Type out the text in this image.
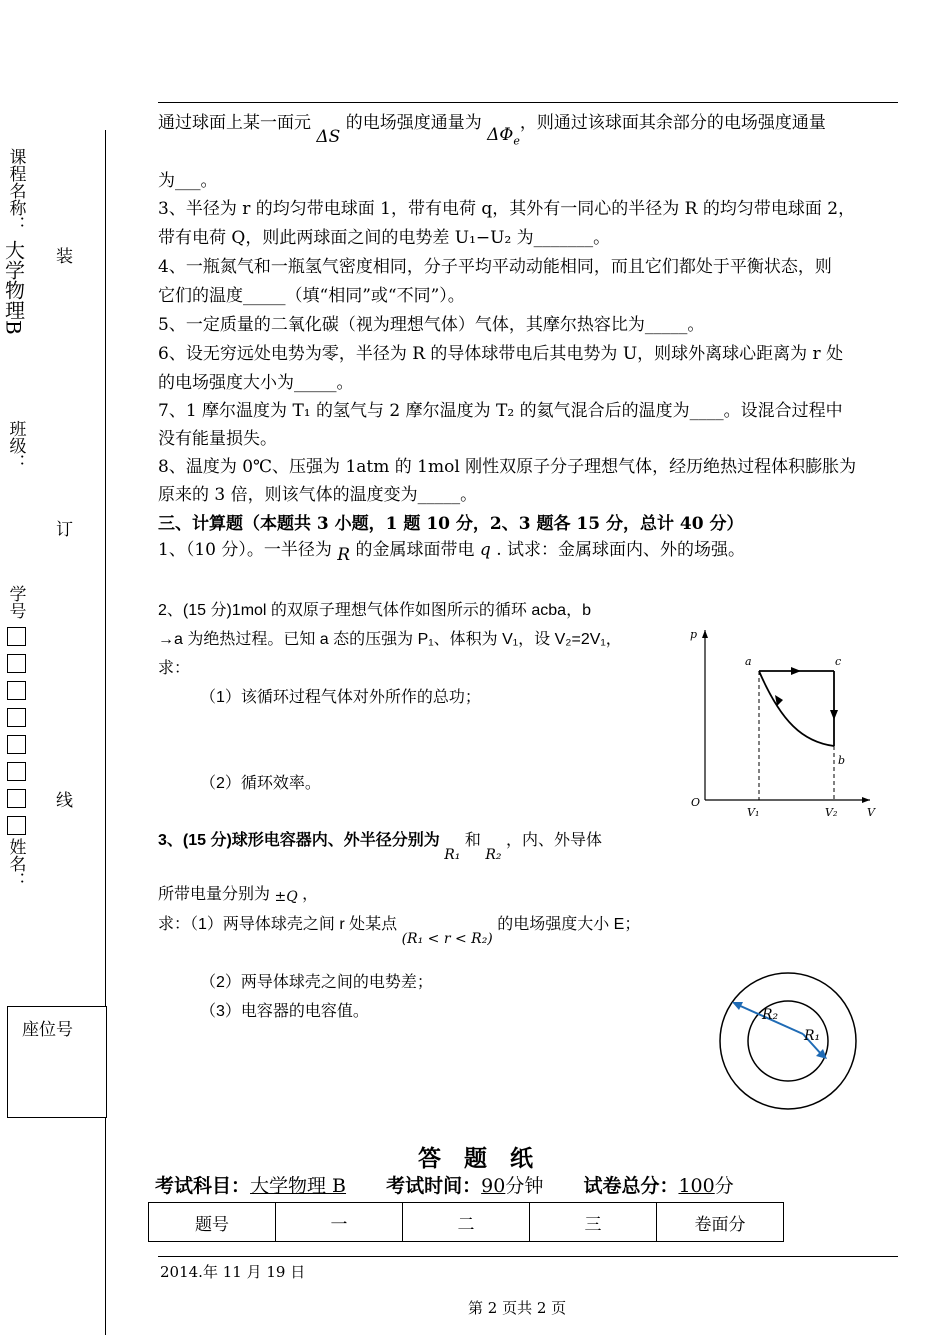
课程名称：
大学物理B
班级：
学号
姓名：
装
订
线
座位号
通过球面上某一面元 ΔS 的电场强度通量为 $\Delta\Phi_e$，则通过该球面其余部分的电场强度通量
为___。
3、半径为 r 的均匀带电球面 1，带有电荷 q，其外有一同心的半径为 R 的均匀带电球面 2，
带有电荷 Q，则此两球面之间的电势差 U₁−U₂ 为_______。
4、一瓶氮气和一瓶氢气密度相同，分子平均平动动能相同，而且它们都处于平衡状态，则
它们的温度_____（填“相同”或“不同”）。
5、一定质量的二氧化碳（视为理想气体）气体，其摩尔热容比为_____。
6、设无穷远处电势为零，半径为 R 的导体球带电后其电势为 U，则球外离球心距离为 r 处
的电场强度大小为_____。
7、1 摩尔温度为 T₁ 的氢气与 2 摩尔温度为 T₂ 的氦气混合后的温度为____。设混合过程中
没有能量损失。
8、温度为 0℃、压强为 1atm 的 1mol 刚性双原子分子理想气体，经历绝热过程体积膨胀为
原来的 3 倍，则该气体的温度变为_____。
三、计算题（本题共 3 小题，1 题 10 分，2、3 题各 15 分，总计 40 分）
1、（10 分）。一半径为 R 的金属球面带电 q . 试求：金属球面内、外的场强。
2、(15 分)1mol 的双原子理想气体作如图所示的循环 acba，b
→a 为绝热过程。已知 a 态的压强为 P₁、体积为 V₁，设 V₂=2V₁，
求：
（1）该循环过程气体对外所作的总功；
（2）循环效率。
p
V
O
a	c
b
V₁	V₂
3、(15 分)球形电容器内、外半径分别为 R₁ 和 R₂ ，内、外导体
所带电量分别为 ±Q ，
求：（1）两导体球壳之间 r 处某点 (R₁ < r < R₂) 的电场强度大小 E；
（2）两导体球壳之间的电势差；
（3）电容器的电容值。	R₂
R₁
答　题　纸
考试科目：大学物理 B 考试时间：90分钟 试卷总分：100分
题号	一	二	三	卷面分
2014.年 11 月 19 日
第 2 页共 2 页
